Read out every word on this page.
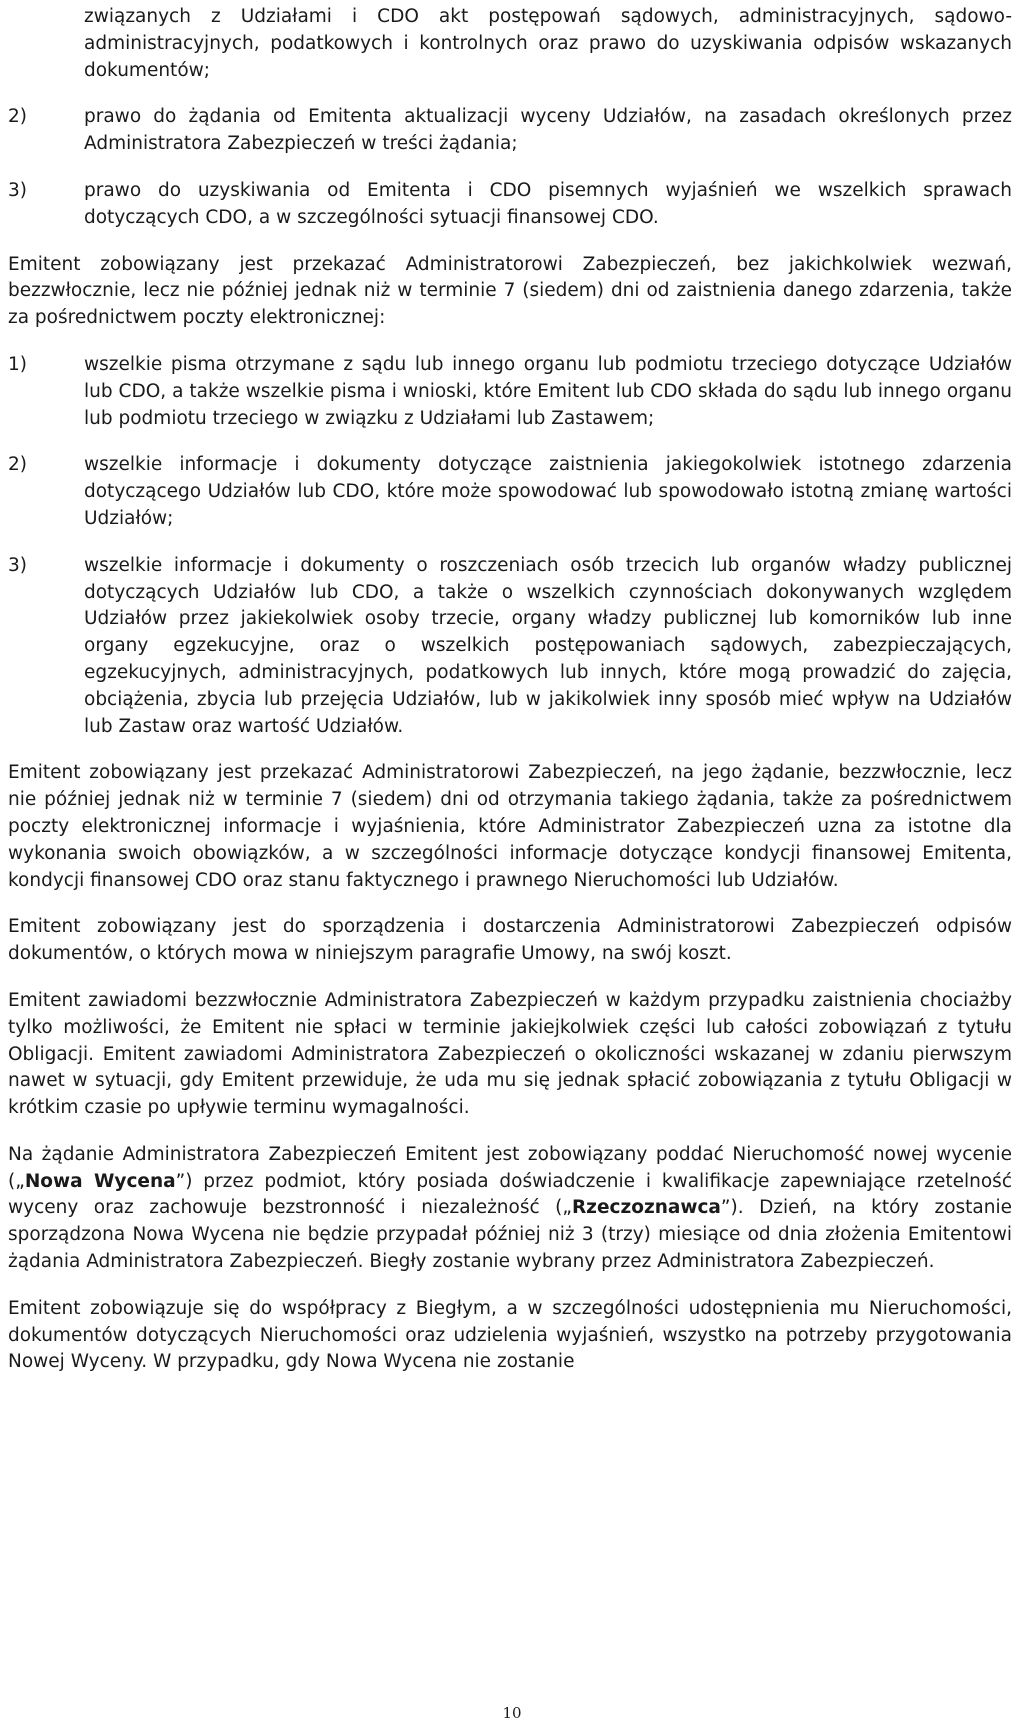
związanych z Udziałami i CDO akt postępowań sądowych, administracyjnych, sądowo-administracyjnych, podatkowych i kontrolnych oraz prawo do uzyskiwania odpisów wskazanych dokumentów;
2)	prawo do żądania od Emitenta aktualizacji wyceny Udziałów, na zasadach określonych przez Administratora Zabezpieczeń w treści żądania;
3)	prawo do uzyskiwania od Emitenta i CDO pisemnych wyjaśnień we wszelkich sprawach dotyczących CDO, a w szczególności sytuacji finansowej CDO.
Emitent zobowiązany jest przekazać Administratorowi Zabezpieczeń, bez jakichkolwiek wezwań, bezzwłocznie, lecz nie później jednak niż w terminie 7 (siedem) dni od zaistnienia danego zdarzenia, także za pośrednictwem poczty elektronicznej:
1)	wszelkie pisma otrzymane z sądu lub innego organu lub podmiotu trzeciego dotyczące Udziałów lub CDO, a także wszelkie pisma i wnioski, które Emitent lub CDO składa do sądu lub innego organu lub podmiotu trzeciego w związku z Udziałami lub Zastawem;
2)	wszelkie informacje i dokumenty dotyczące zaistnienia jakiegokolwiek istotnego zdarzenia dotyczącego Udziałów lub CDO, które może spowodować lub spowodowało istotną zmianę wartości Udziałów;
3)	wszelkie informacje i dokumenty o roszczeniach osób trzecich lub organów władzy publicznej dotyczących Udziałów lub CDO, a także o wszelkich czynnościach dokonywanych względem Udziałów przez jakiekolwiek osoby trzecie, organy władzy publicznej lub komorników lub inne organy egzekucyjne, oraz o wszelkich postępowaniach sądowych, zabezpieczających, egzekucyjnych, administracyjnych, podatkowych lub innych, które mogą prowadzić do zajęcia, obciążenia, zbycia lub przejęcia Udziałów, lub w jakikolwiek inny sposób mieć wpływ na Udziałów lub Zastaw oraz wartość Udziałów.
Emitent zobowiązany jest przekazać Administratorowi Zabezpieczeń, na jego żądanie, bezzwłocznie, lecz nie później jednak niż w terminie 7 (siedem) dni od otrzymania takiego żądania, także za pośrednictwem poczty elektronicznej informacje i wyjaśnienia, które Administrator Zabezpieczeń uzna za istotne dla wykonania swoich obowiązków, a w szczególności informacje dotyczące kondycji finansowej Emitenta, kondycji finansowej CDO oraz stanu faktycznego i prawnego Nieruchomości lub Udziałów.
Emitent zobowiązany jest do sporządzenia i dostarczenia Administratorowi Zabezpieczeń odpisów dokumentów, o których mowa w niniejszym paragrafie Umowy, na swój koszt.
Emitent zawiadomi bezzwłocznie Administratora Zabezpieczeń w każdym przypadku zaistnienia chociażby tylko możliwości, że Emitent nie spłaci w terminie jakiejkolwiek części lub całości zobowiązań z tytułu Obligacji. Emitent zawiadomi Administratora Zabezpieczeń o okoliczności wskazanej w zdaniu pierwszym nawet w sytuacji, gdy Emitent przewiduje, że uda mu się jednak spłacić zobowiązania z tytułu Obligacji w krótkim czasie po upływie terminu wymagalności.
Na żądanie Administratora Zabezpieczeń Emitent jest zobowiązany poddać Nieruchomość nowej wycenie („Nowa Wycena”) przez podmiot, który posiada doświadczenie i kwalifikacje zapewniające rzetelność wyceny oraz zachowuje bezstronność i niezależność („Rzeczoznawca”). Dzień, na który zostanie sporządzona Nowa Wycena nie będzie przypadał później niż 3 (trzy) miesiące od dnia złożenia Emitentowi żądania Administratora Zabezpieczeń. Biegły zostanie wybrany przez Administratora Zabezpieczeń.
Emitent zobowiązuje się do współpracy z Biegłym, a w szczególności udostępnienia mu Nieruchomości, dokumentów dotyczących Nieruchomości oraz udzielenia wyjaśnień, wszystko na potrzeby przygotowania Nowej Wyceny. W przypadku, gdy Nowa Wycena nie zostanie
10
